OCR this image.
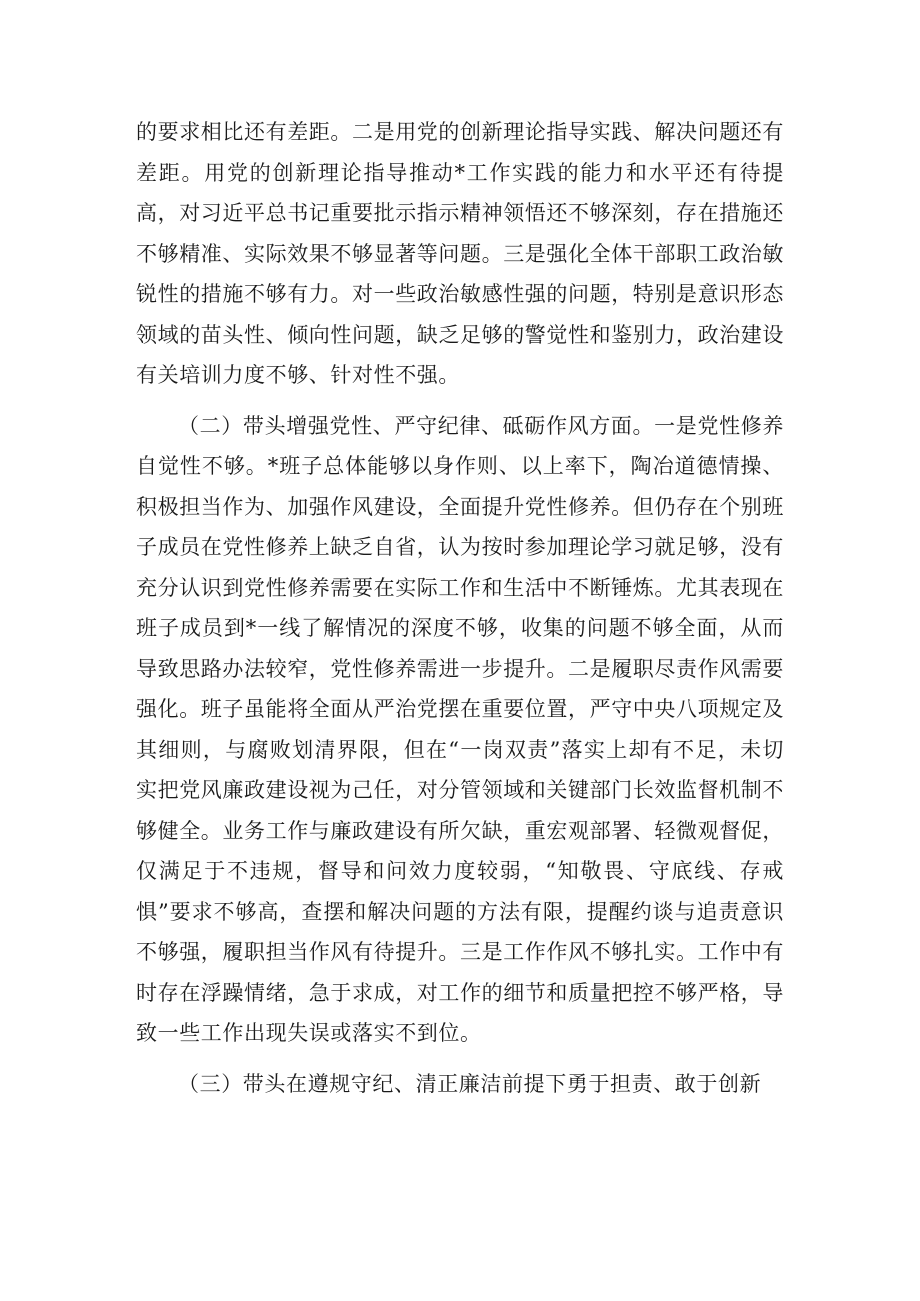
的要求相比还有差距。二是用党的创新理论指导实践、解决问题还有差距。用党的创新理论指导推动*工作实践的能力和水平还有待提高，对习近平总书记重要批示指示精神领悟还不够深刻，存在措施还不够精准、实际效果不够显著等问题。三是强化全体干部职工政治敏锐性的措施不够有力。对一些政治敏感性强的问题，特别是意识形态领域的苗头性、倾向性问题，缺乏足够的警觉性和鉴别力，政治建设有关培训力度不够、针对性不强。

（二）带头增强党性、严守纪律、砥砺作风方面。一是党性修养自觉性不够。*班子总体能够以身作则、以上率下，陶冶道德情操、积极担当作为、加强作风建设，全面提升党性修养。但仍存在个别班子成员在党性修养上缺乏自省，认为按时参加理论学习就足够，没有充分认识到党性修养需要在实际工作和生活中不断锤炼。尤其表现在班子成员到*一线了解情况的深度不够，收集的问题不够全面，从而导致思路办法较窄，党性修养需进一步提升。二是履职尽责作风需要强化。班子虽能将全面从严治党摆在重要位置，严守中央八项规定及其细则，与腐败划清界限，但在“一岗双责”落实上却有不足，未切实把党风廉政建设视为己任，对分管领域和关键部门长效监督机制不够健全。业务工作与廉政建设有所欠缺，重宏观部署、轻微观督促，仅满足于不违规，督导和问效力度较弱，“知敬畏、守底线、存戒惧”要求不够高，查摆和解决问题的方法有限，提醒约谈与追责意识不够强，履职担当作风有待提升。三是工作作风不够扎实。工作中有时存在浮躁情绪，急于求成，对工作的细节和质量把控不够严格，导致一些工作出现失误或落实不到位。

（三）带头在遵规守纪、清正廉洁前提下勇于担责、敢于创新
